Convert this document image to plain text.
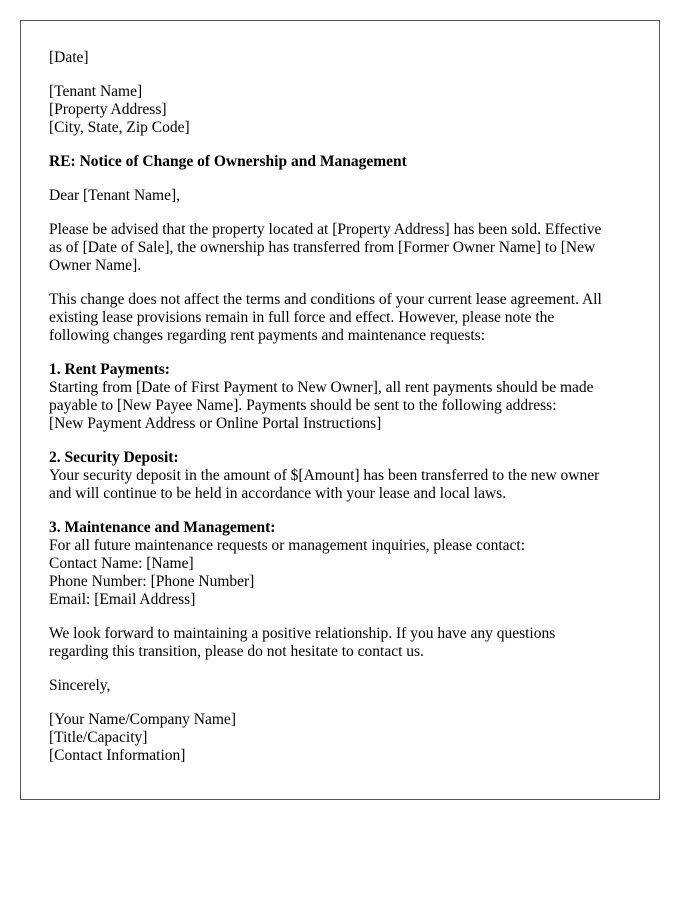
[Date]
[Tenant Name]
[Property Address]
[City, State, Zip Code]
RE: Notice of Change of Ownership and Management
Dear [Tenant Name],
Please be advised that the property located at [Property Address] has been sold. Effective
as of [Date of Sale], the ownership has transferred from [Former Owner Name] to [New
Owner Name].
This change does not affect the terms and conditions of your current lease agreement. All
existing lease provisions remain in full force and effect. However, please note the
following changes regarding rent payments and maintenance requests:
1. Rent Payments:
Starting from [Date of First Payment to New Owner], all rent payments should be made
payable to [New Payee Name]. Payments should be sent to the following address:
[New Payment Address or Online Portal Instructions]
2. Security Deposit:
Your security deposit in the amount of $[Amount] has been transferred to the new owner
and will continue to be held in accordance with your lease and local laws.
3. Maintenance and Management:
For all future maintenance requests or management inquiries, please contact:
Contact Name: [Name]
Phone Number: [Phone Number]
Email: [Email Address]
We look forward to maintaining a positive relationship. If you have any questions
regarding this transition, please do not hesitate to contact us.
Sincerely,
[Your Name/Company Name]
[Title/Capacity]
[Contact Information]
